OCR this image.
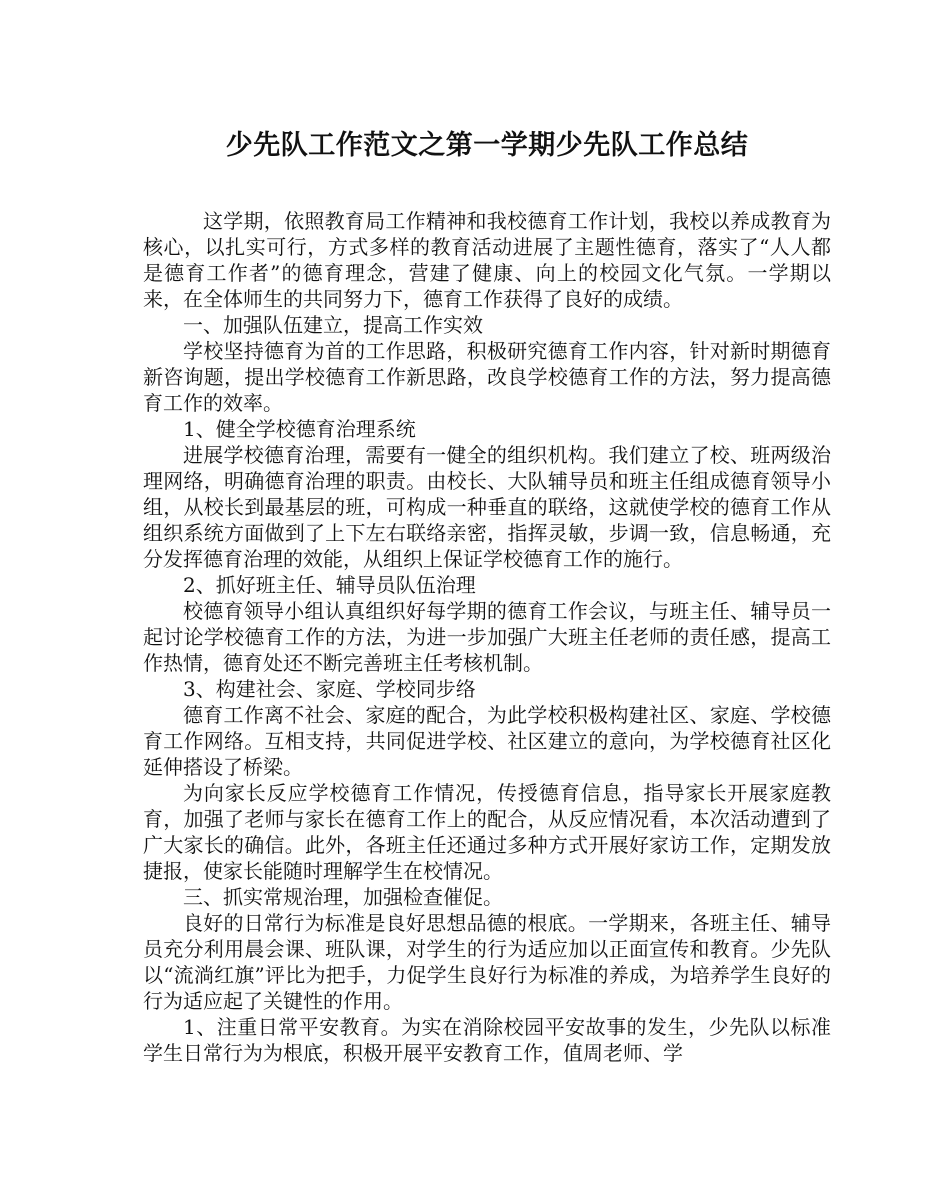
少先队工作范文之第一学期少先队工作总结

这学期，依照教育局工作精神和我校德育工作计划，我校以养成教育为核心，以扎实可行，方式多样的教育活动进展了主题性德育，落实了“人人都是德育工作者”的德育理念，营建了健康、向上的校园文化气氛。一学期以来，在全体师生的共同努力下，德育工作获得了良好的成绩。

一、加强队伍建立，提高工作实效

学校坚持德育为首的工作思路，积极研究德育工作内容，针对新时期德育新咨询题，提出学校德育工作新思路，改良学校德育工作的方法，努力提高德育工作的效率。

1、健全学校德育治理系统

进展学校德育治理，需要有一健全的组织机构。我们建立了校、班两级治理网络，明确德育治理的职责。由校长、大队辅导员和班主任组成德育领导小组，从校长到最基层的班，可构成一种垂直的联络，这就使学校的德育工作从组织系统方面做到了上下左右联络亲密，指挥灵敏，步调一致，信息畅通，充分发挥德育治理的效能，从组织上保证学校德育工作的施行。

2、抓好班主任、辅导员队伍治理

校德育领导小组认真组织好每学期的德育工作会议，与班主任、辅导员一起讨论学校德育工作的方法，为进一步加强广大班主任老师的责任感，提高工作热情，德育处还不断完善班主任考核机制。

3、构建社会、家庭、学校同步络

德育工作离不社会、家庭的配合，为此学校积极构建社区、家庭、学校德育工作网络。互相支持，共同促进学校、社区建立的意向，为学校德育社区化延伸搭设了桥梁。

为向家长反应学校德育工作情况，传授德育信息，指导家长开展家庭教育，加强了老师与家长在德育工作上的配合，从反应情况看，本次活动遭到了广大家长的确信。此外，各班主任还通过多种方式开展好家访工作，定期发放捷报，使家长能随时理解学生在校情况。

三、抓实常规治理，加强检查催促。

良好的日常行为标准是良好思想品德的根底。一学期来，各班主任、辅导员充分利用晨会课、班队课，对学生的行为适应加以正面宣传和教育。少先队以“流淌红旗”评比为把手，力促学生良好行为标准的养成，为培养学生良好的行为适应起了关键性的作用。

1、注重日常平安教育。为实在消除校园平安故事的发生，少先队以标准学生日常行为为根底，积极开展平安教育工作，值周老师、学
